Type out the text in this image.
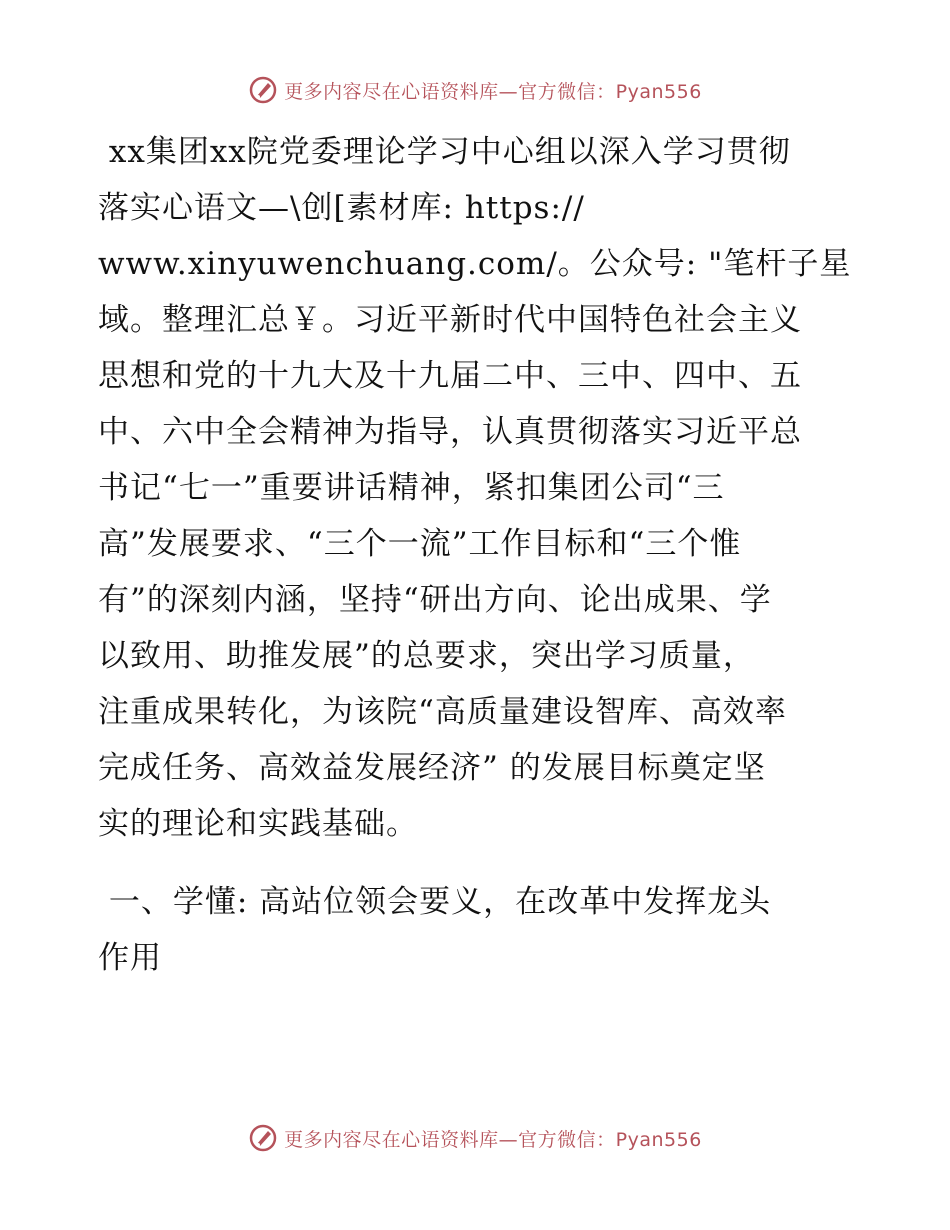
更多内容尽在心语资料库—官方微信：Pyan556
xx集团xx院党委理论学习中心组以深入学习贯彻
落实心语文—\创[素材库: https://
www.xinyuwenchuang.com/。公众号: "笔杆子星
域。整理汇总￥。习近平新时代中国特色社会主义
思想和党的十九大及十九届二中、三中、四中、五
中、六中全会精神为指导，认真贯彻落实习近平总
书记“七一”重要讲话精神，紧扣集团公司“三
高”发展要求、“三个一流”工作目标和“三个惟
有”的深刻内涵，坚持“研出方向、论出成果、学
以致用、助推发展”的总要求，突出学习质量，
注重成果转化，为该院“高质量建设智库、高效率
完成任务、高效益发展经济” 的发展目标奠定坚
实的理论和实践基础。
一、学懂: 高站位领会要义，在改革中发挥龙头
作用
更多内容尽在心语资料库—官方微信：Pyan556
